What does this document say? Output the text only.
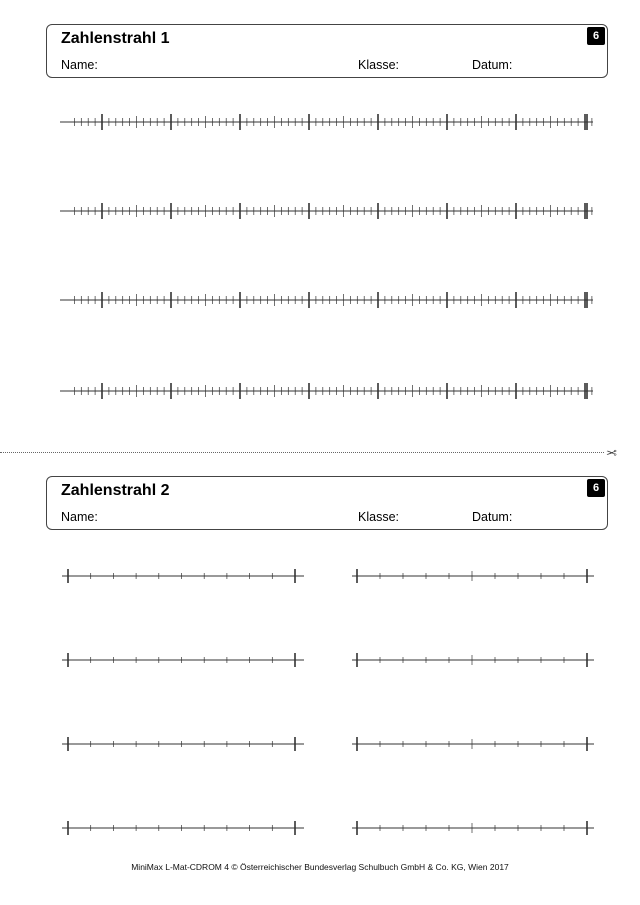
Zahlenstrahl 1
Name:	Klasse:	Datum:
6
✂
Zahlenstrahl 2
Name:	Klasse:	Datum:
6
MiniMax L-Mat-CDROM 4 © Österreichischer Bundesverlag Schulbuch GmbH & Co. KG, Wien 2017
